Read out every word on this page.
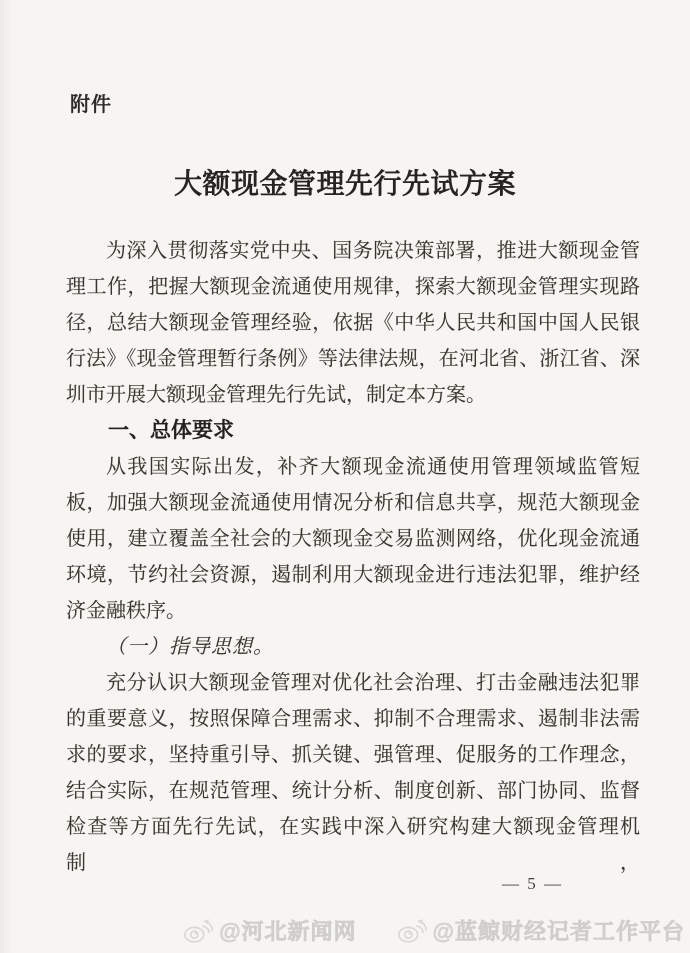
附件
大额现金管理先行先试方案
为深入贯彻落实党中央、国务院决策部署，推进大额现金管
理工作，把握大额现金流通使用规律，探索大额现金管理实现路
径，总结大额现金管理经验，依据《中华人民共和国中国人民银
行法》《现金管理暂行条例》等法律法规，在河北省、浙江省、深
圳市开展大额现金管理先行先试，制定本方案。
一、总体要求
从我国实际出发，补齐大额现金流通使用管理领域监管短
板，加强大额现金流通使用情况分析和信息共享，规范大额现金
使用，建立覆盖全社会的大额现金交易监测网络，优化现金流通
环境，节约社会资源，遏制利用大额现金进行违法犯罪，维护经
济金融秩序。
（一）指导思想。
充分认识大额现金管理对优化社会治理、打击金融违法犯罪
的重要意义，按照保障合理需求、抑制不合理需求、遏制非法需
求的要求，坚持重引导、抓关键、强管理、促服务的工作理念，
结合实际，在规范管理、统计分析、制度创新、部门协同、监督
检查等方面先行先试，在实践中深入研究构建大额现金管理机制，
— 5 —
@河北新闻网	@蓝鲸财经记者工作平台
